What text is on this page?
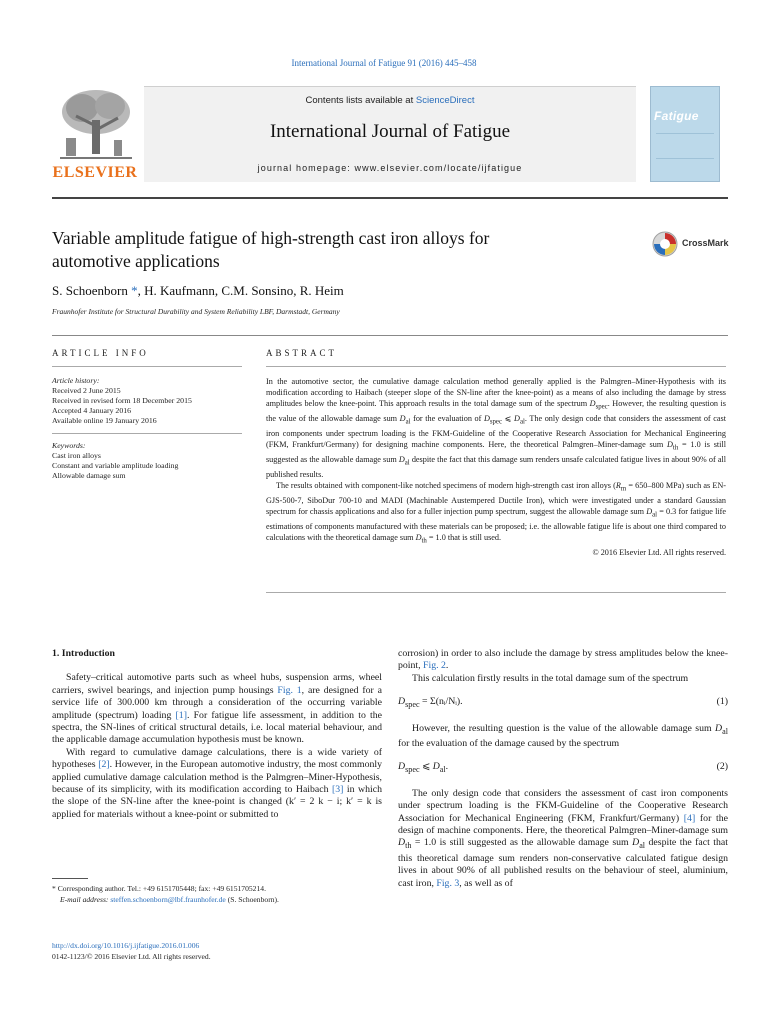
International Journal of Fatigue 91 (2016) 445–458
ELSEVIER
Contents lists available at ScienceDirect
International Journal of Fatigue
journal homepage: www.elsevier.com/locate/ijfatigue
Fatigue
Variable amplitude fatigue of high-strength cast iron alloys for
automotive applications
CrossMark
S. Schoenborn *, H. Kaufmann, C.M. Sonsino, R. Heim
Fraunhofer Institute for Structural Durability and System Reliability LBF, Darmstadt, Germany
ARTICLE INFO
Article history:
Received 2 June 2015
Received in revised form 18 December 2015
Accepted 4 January 2016
Available online 19 January 2016
Keywords:
Cast iron alloys
Constant and variable amplitude loading
Allowable damage sum
ABSTRACT

In the automotive sector, the cumulative damage calculation method generally applied is the Palmgren–Miner-Hypothesis with its modification according to Haibach (steeper slope of the SN-line after the knee-point) as a means of also including the damage by stress amplitudes below the knee-point. This approach results in the total damage sum of the spectrum $D_{spec}$. However, the resulting question is the value of the allowable damage sum $D_{al}$ for the evaluation of $D_{spec}$ ⩽ $D_{al}$. The only design code that considers the assessment of cast iron components under spectrum loading is the FKM-Guideline of the Cooperative Research Association for Mechanical Engineering (FKM, Frankfurt/Germany) for designing machine components. Here, the theoretical Palmgren–Miner-damage sum $D_{th} = 1.0$ is still suggested as the allowable damage sum $D_{al}$ despite the fact that this damage sum renders unsafe calculated fatigue lives in about 90% of all published results.

The results obtained with component-like notched specimens of modern high-strength cast iron alloys ($R_m = 650-800$ MPa) such as EN-GJS-500-7, SiboDur 700-10 and MADI (Machinable Austempered Ductile Iron), which were investigated under a standard Gaussian spectrum for chassis applications and also for a fuller injection pump spectrum, suggest the allowable damage sum $D_{al} = 0.3$ for fatigue life estimations of components manufactured with these materials can be proposed; i.e. the allowable fatigue life is about one third compared to calculations with the theoretical damage sum $D_{th} = 1.0$ that is still used.

© 2016 Elsevier Ltd. All rights reserved.
1. Introduction

Safety–critical automotive parts such as wheel hubs, suspension arms, wheel carriers, swivel bearings, and injection pump housings Fig. 1, are designed for a service life of 300.000 km through a consideration of the occurring variable amplitude (spectrum) loading [1]. For fatigue life assessment, in addition to the spectra, the SN-lines of critical structural details, i.e. local material behaviour, and the applicable damage accumulation hypothesis must be known.

With regard to cumulative damage calculations, there is a wide variety of hypotheses [2]. However, in the European automotive industry, the most commonly applied cumulative damage calculation method is the Palmgren–Miner-Hypothesis, because of its simplicity, with its modification according to Haibach [3] in which the slope of the SN-line after the knee-point is changed (k′ = 2 k − i; k′ = k is applied for materials without a knee-point or submitted to

corrosion) in order to also include the damage by stress amplitudes below the knee-point, Fig. 2.

This calculation firstly results in the total damage sum of the spectrum

$D_{spec}$ = Σ(nᵢ/Nᵢ).	(1)

However, the resulting question is the value of the allowable damage sum $D_{al}$ for the evaluation of the damage caused by the spectrum

$D_{spec}$ ⩽ $D_{al}$.	(2)

The only design code that considers the assessment of cast iron components under spectrum loading is the FKM-Guideline of the Cooperative Research Association for Mechanical Engineering (FKM, Frankfurt/Germany) [4] for the design of machine components. Here, the theoretical Palmgren–Miner-damage sum $D_{th} = 1.0$ is still suggested as the allowable damage sum $D_{al}$ despite the fact that this theoretical damage sum renders non-conservative calculated fatigue design lives in about 90% of all published results on the behaviour of steel, aluminium, cast iron, Fig. 3, as well as of

* Corresponding author. Tel.: +49 6151705448; fax: +49 6151705214.
E-mail address: steffen.schoenborn@lbf.fraunhofer.de (S. Schoenborn).
http://dx.doi.org/10.1016/j.ijfatigue.2016.01.006
0142-1123/© 2016 Elsevier Ltd. All rights reserved.
